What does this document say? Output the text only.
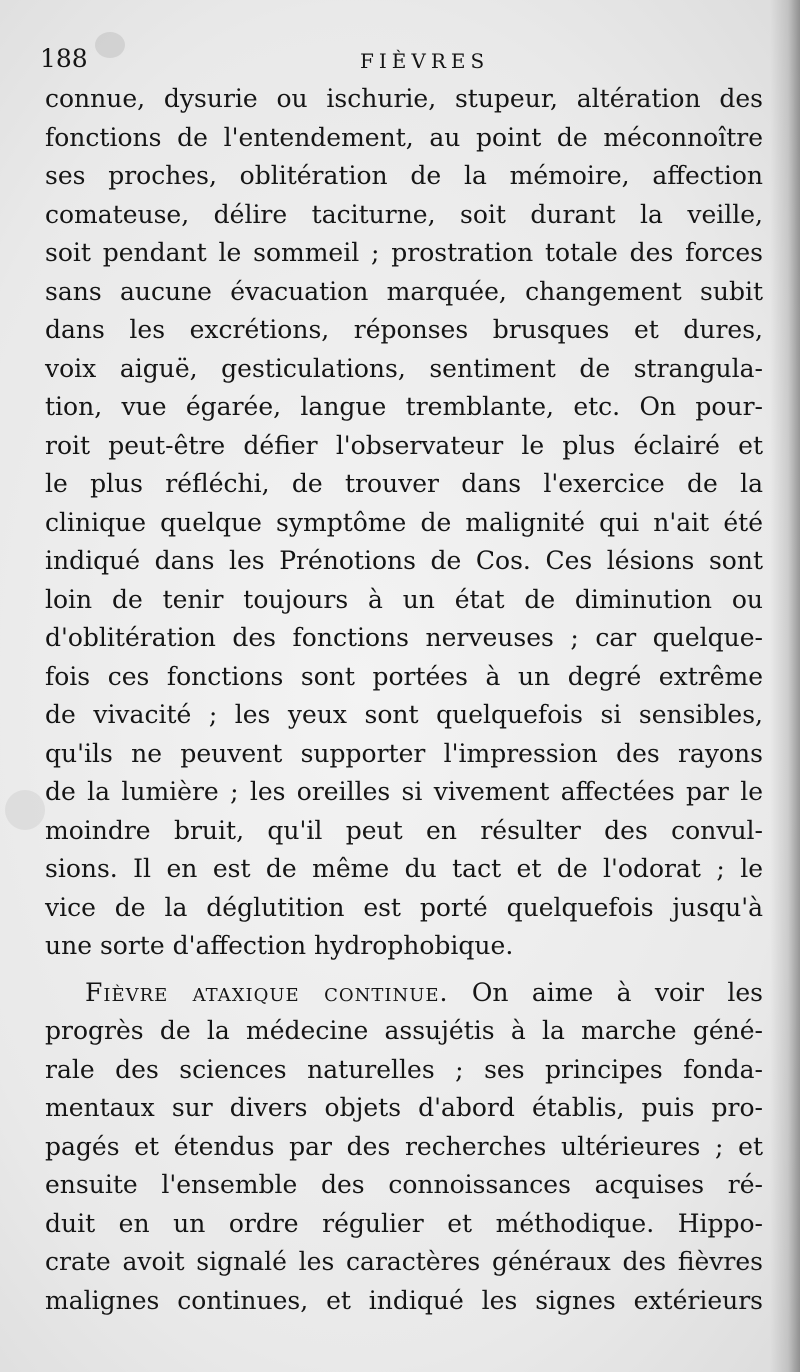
188	FIÈVRES
connue, dysurie ou ischurie, stupeur, altération des
fonctions de l'entendement, au point de méconnoître
ses proches, oblitération de la mémoire, affection
comateuse, délire taciturne, soit durant la veille,
soit pendant le sommeil ; prostration totale des forces
sans aucune évacuation marquée, changement subit
dans les excrétions, réponses brusques et dures,
voix aiguë, gesticulations, sentiment de strangula-
tion, vue égarée, langue tremblante, etc. On pour-
roit peut-être défier l'observateur le plus éclairé et
le plus réfléchi, de trouver dans l'exercice de la
clinique quelque symptôme de malignité qui n'ait été
indiqué dans les Prénotions de Cos. Ces lésions sont
loin de tenir toujours à un état de diminution ou
d'oblitération des fonctions nerveuses ; car quelque-
fois ces fonctions sont portées à un degré extrême
de vivacité ; les yeux sont quelquefois si sensibles,
qu'ils ne peuvent supporter l'impression des rayons
de la lumière ; les oreilles si vivement affectées par le
moindre bruit, qu'il peut en résulter des convul-
sions. Il en est de même du tact et de l'odorat ; le
vice de la déglutition est porté quelquefois jusqu'à
une sorte d'affection hydrophobique.
Fièvre ataxique continue. On aime à voir les
progrès de la médecine assujétis à la marche géné-
rale des sciences naturelles ; ses principes fonda-
mentaux sur divers objets d'abord établis, puis pro-
pagés et étendus par des recherches ultérieures ; et
ensuite l'ensemble des connoissances acquises ré-
duit en un ordre régulier et méthodique. Hippo-
crate avoit signalé les caractères généraux des fièvres
malignes continues, et indiqué les signes extérieurs
